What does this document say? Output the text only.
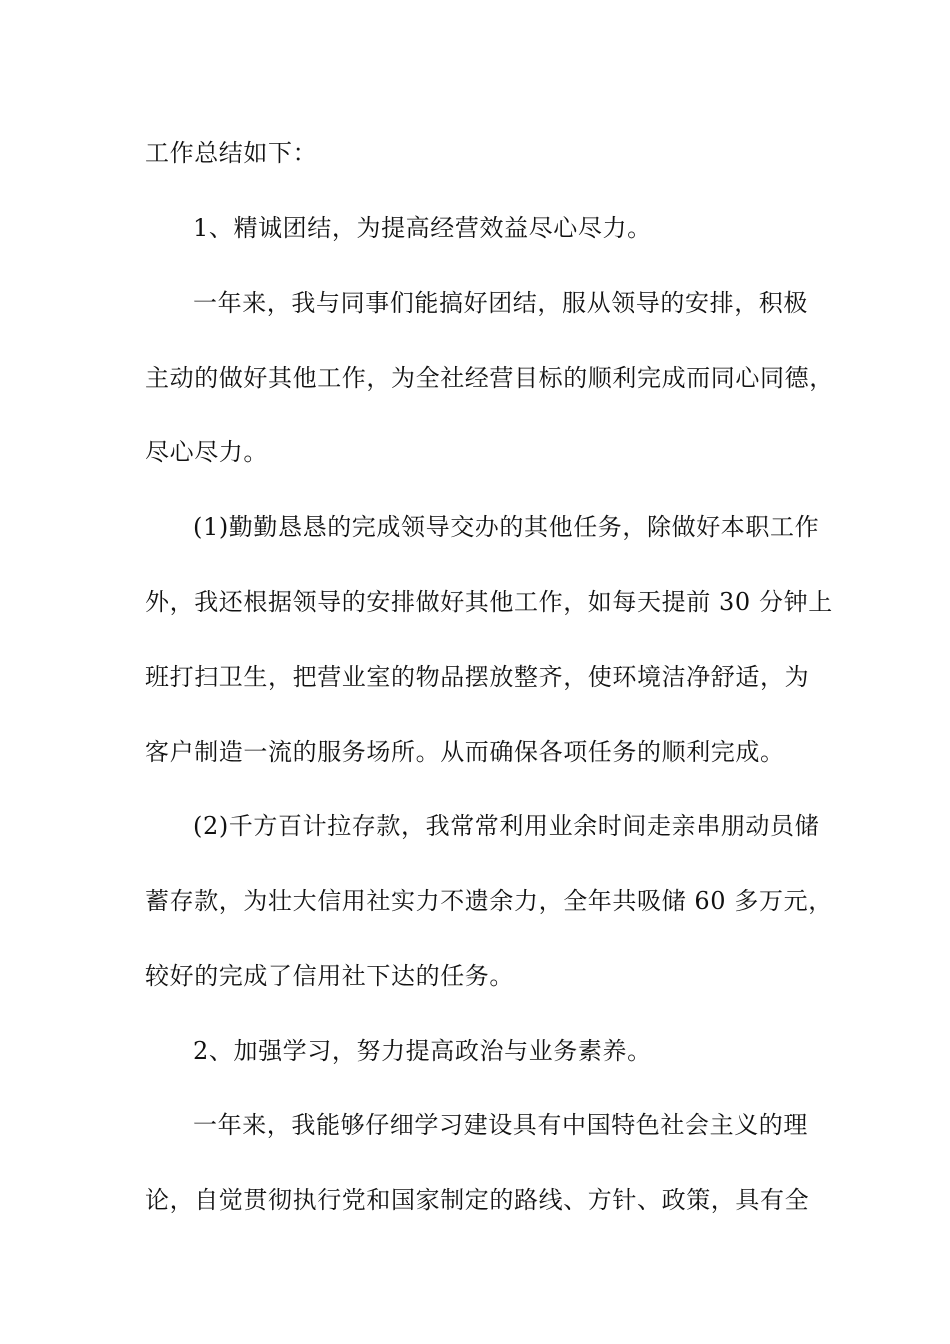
工作总结如下：
1、精诚团结，为提高经营效益尽心尽力。
一年来，我与同事们能搞好团结，服从领导的安排，积极
主动的做好其他工作，为全社经营目标的顺利完成而同心同德，
尽心尽力。
(1)勤勤恳恳的完成领导交办的其他任务，除做好本职工作
外，我还根据领导的安排做好其他工作，如每天提前 30 分钟上
班打扫卫生，把营业室的物品摆放整齐，使环境洁净舒适，为
客户制造一流的服务场所。从而确保各项任务的顺利完成。
(2)千方百计拉存款，我常常利用业余时间走亲串朋动员储
蓄存款，为壮大信用社实力不遗余力，全年共吸储 60 多万元，
较好的完成了信用社下达的任务。
2、加强学习，努力提高政治与业务素养。
一年来，我能够仔细学习建设具有中国特色社会主义的理
论，自觉贯彻执行党和国家制定的路线、方针、政策，具有全
